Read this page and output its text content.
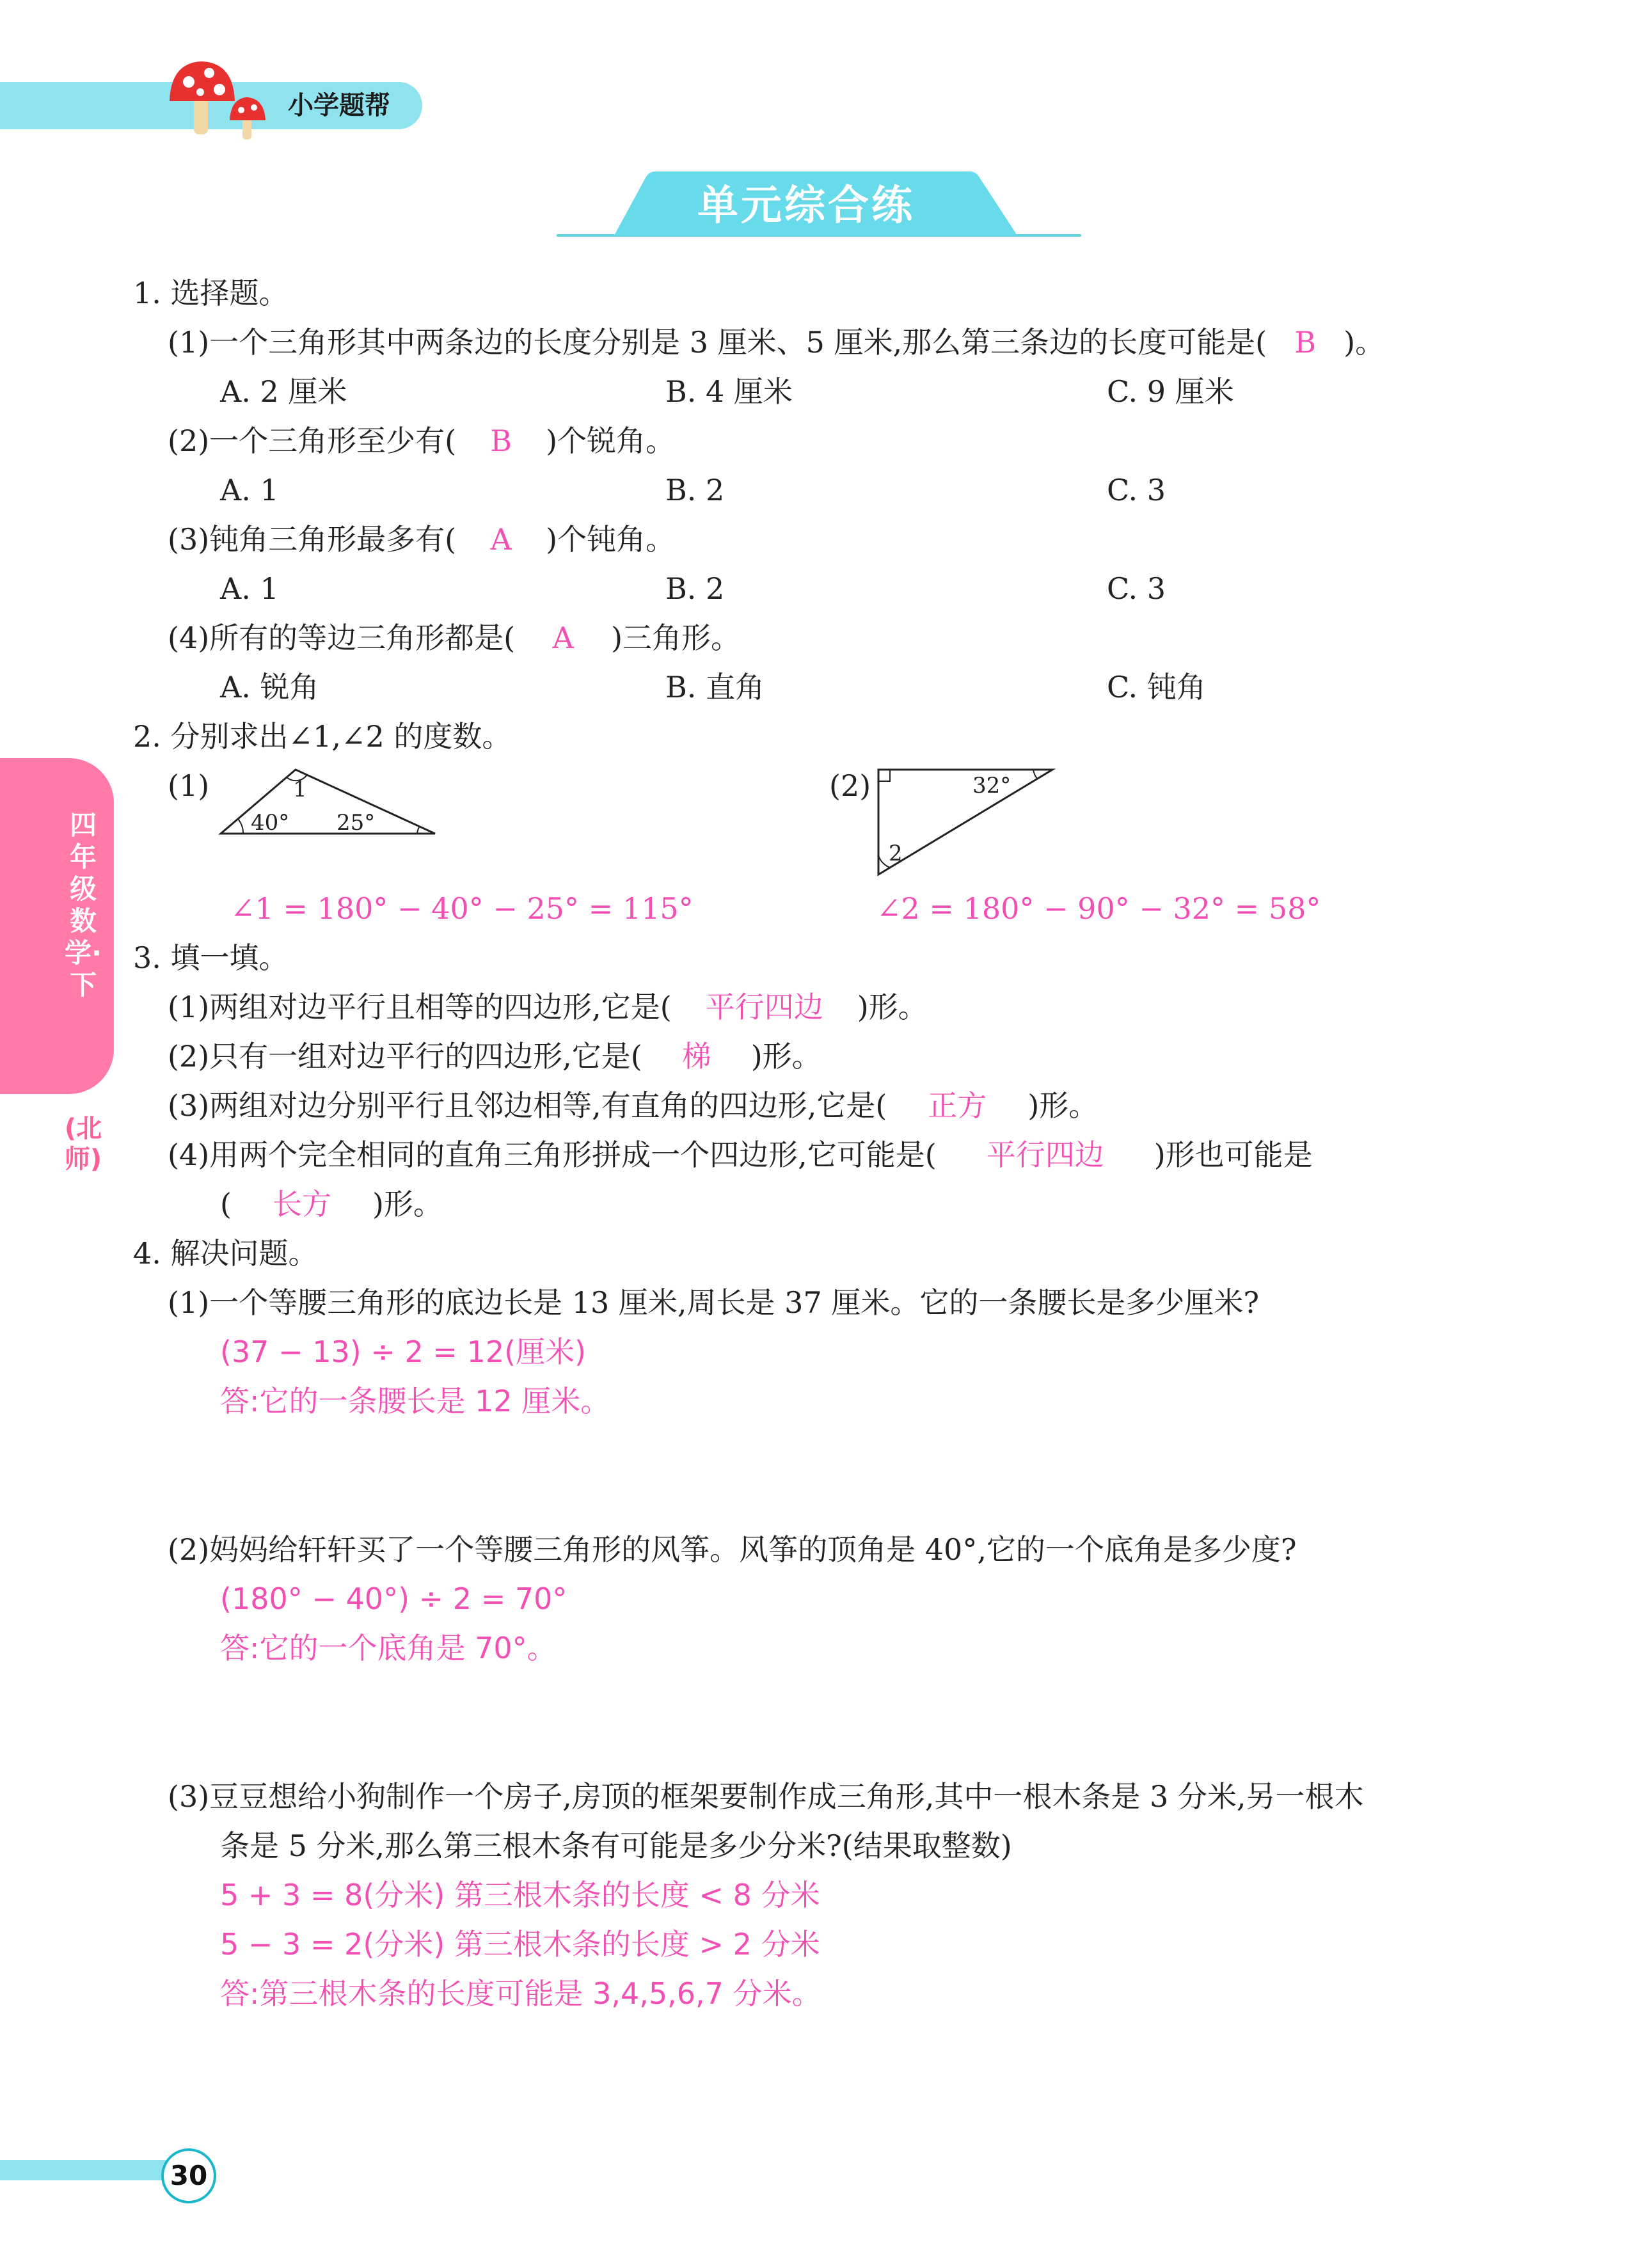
小学题帮
单元综合练
四年级数学·下
(北师)
1. 选择题。
(1)一个三角形其中两条边的长度分别是 3 厘米、5 厘米,那么第三条边的长度可能是( B )。
A. 2 厘米	B. 4 厘米	C. 9 厘米
(2)一个三角形至少有( B )个锐角。
A. 1	B. 2	C. 3
(3)钝角三角形最多有( A )个钝角。
A. 1	B. 2	C. 3
(4)所有的等边三角形都是( A )三角形。
A. 锐角	B. 直角	C. 钝角
2. 分别求出∠1,∠2 的度数。
(1)	1
40° 25°
∠1 = 180° − 40° − 25° = 115°
(2)	32°
2
∠2 = 180° − 90° − 32° = 58°
3. 填一填。
(1)两组对边平行且相等的四边形,它是( 平行四边 )形。
(2)只有一组对边平行的四边形,它是( 梯 )形。
(3)两组对边分别平行且邻边相等,有直角的四边形,它是( 正方 )形。
(4)用两个完全相同的直角三角形拼成一个四边形,它可能是( 平行四边 )形也可能是
( 长方 )形。
4. 解决问题。
(1)一个等腰三角形的底边长是 13 厘米,周长是 37 厘米。它的一条腰长是多少厘米?
(37 − 13) ÷ 2 = 12(厘米)
答:它的一条腰长是 12 厘米。
(2)妈妈给轩轩买了一个等腰三角形的风筝。风筝的顶角是 40°,它的一个底角是多少度?
(180° − 40°) ÷ 2 = 70°
答:它的一个底角是 70°。
(3)豆豆想给小狗制作一个房子,房顶的框架要制作成三角形,其中一根木条是 3 分米,另一根木
条是 5 分米,那么第三根木条有可能是多少分米?(结果取整数)
5 + 3 = 8(分米) 第三根木条的长度 < 8 分米
5 − 3 = 2(分米) 第三根木条的长度 > 2 分米
答:第三根木条的长度可能是 3,4,5,6,7 分米。
30
